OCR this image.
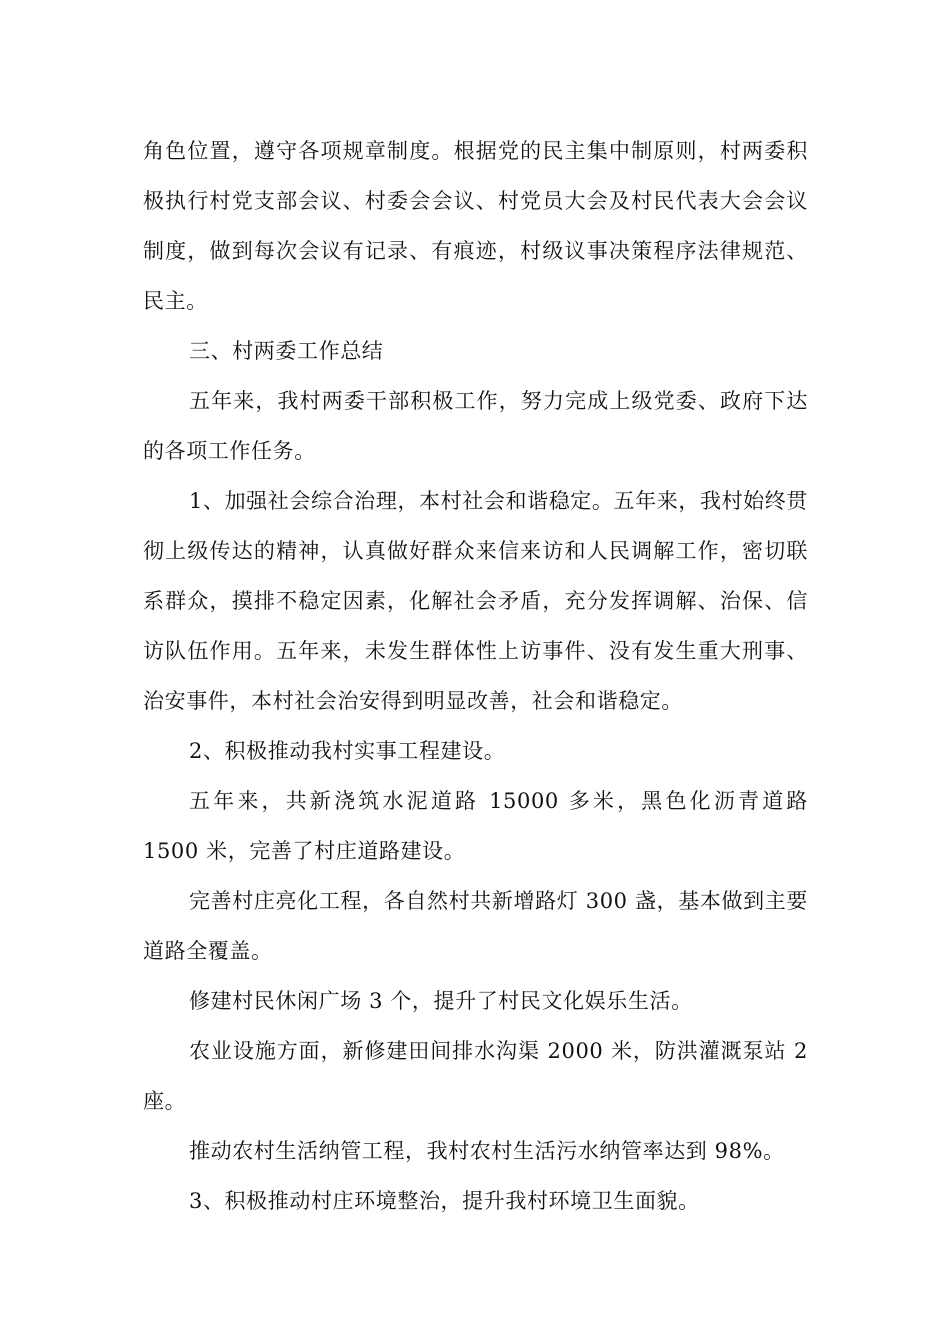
角色位置，遵守各项规章制度。根据党的民主集中制原则，村两委积极执行村党支部会议、村委会会议、村党员大会及村民代表大会会议制度，做到每次会议有记录、有痕迹，村级议事决策程序法律规范、民主。

三、村两委工作总结

五年来，我村两委干部积极工作，努力完成上级党委、政府下达的各项工作任务。

1、加强社会综合治理，本村社会和谐稳定。五年来，我村始终贯彻上级传达的精神，认真做好群众来信来访和人民调解工作，密切联系群众，摸排不稳定因素，化解社会矛盾，充分发挥调解、治保、信访队伍作用。五年来，未发生群体性上访事件、没有发生重大刑事、治安事件，本村社会治安得到明显改善，社会和谐稳定。

2、积极推动我村实事工程建设。

五年来，共新浇筑水泥道路 15000 多米，黑色化沥青道路 1500 米，完善了村庄道路建设。

完善村庄亮化工程，各自然村共新增路灯 300 盏，基本做到主要道路全覆盖。

修建村民休闲广场 3 个，提升了村民文化娱乐生活。

农业设施方面，新修建田间排水沟渠 2000 米，防洪灌溉泵站 2 座。

推动农村生活纳管工程，我村农村生活污水纳管率达到 98%。

3、积极推动村庄环境整治，提升我村环境卫生面貌。
